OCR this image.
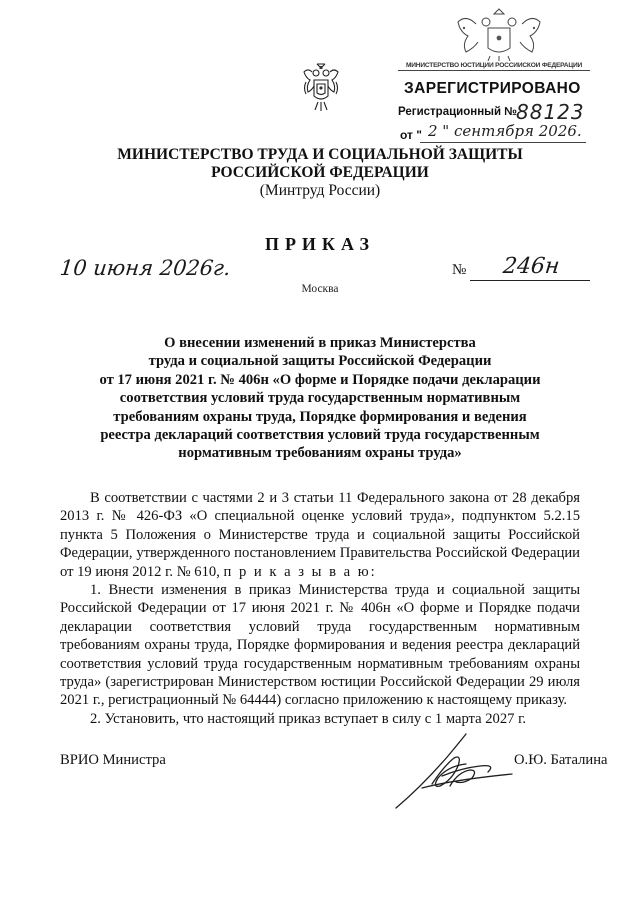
МИНИСТЕРСТВО ЮСТИЦИИ РОССИЙСКОЙ ФЕДЕРАЦИИ
ЗАРЕГИСТРИРОВАНО
Регистрационный №
88123
от " 2 " сентября 2026.
МИНИСТЕРСТВО ТРУДА И СОЦИАЛЬНОЙ ЗАЩИТЫ
РОССИЙСКОЙ ФЕДЕРАЦИИ
(Минтруд России)
ПРИКАЗ
10 июня 2026г.	№ 246н
Москва
О внесении изменений в приказ Министерства
труда и социальной защиты Российской Федерации
от 17 июня 2021 г. № 406н «О форме и Порядке подачи декларации
соответствия условий труда государственным нормативным
требованиям охраны труда, Порядке формирования и ведения
реестра деклараций соответствия условий труда государственным
нормативным требованиям охраны труда»

В соответствии с частями 2 и 3 статьи 11 Федерального закона от 28 декабря 2013 г. № 426-ФЗ «О специальной оценке условий труда», подпунктом 5.2.15 пункта 5 Положения о Министерстве труда и социальной защиты Российской Федерации, утвержденного постановлением Правительства Российской Федерации от 19 июня 2012 г. № 610, п р и к а з ы в а ю:

1. Внести изменения в приказ Министерства труда и социальной защиты Российской Федерации от 17 июня 2021 г. № 406н «О форме и Порядке подачи декларации соответствия условий труда государственным нормативным требованиям охраны труда, Порядке формирования и ведения реестра деклараций соответствия условий труда государственным нормативным требованиям охраны труда» (зарегистрирован Министерством юстиции Российской Федерации 29 июля 2021 г., регистрационный № 64444) согласно приложению к настоящему приказу.

2. Установить, что настоящий приказ вступает в силу с 1 марта 2027 г.

ВРИО Министра	О.Ю. Баталина
